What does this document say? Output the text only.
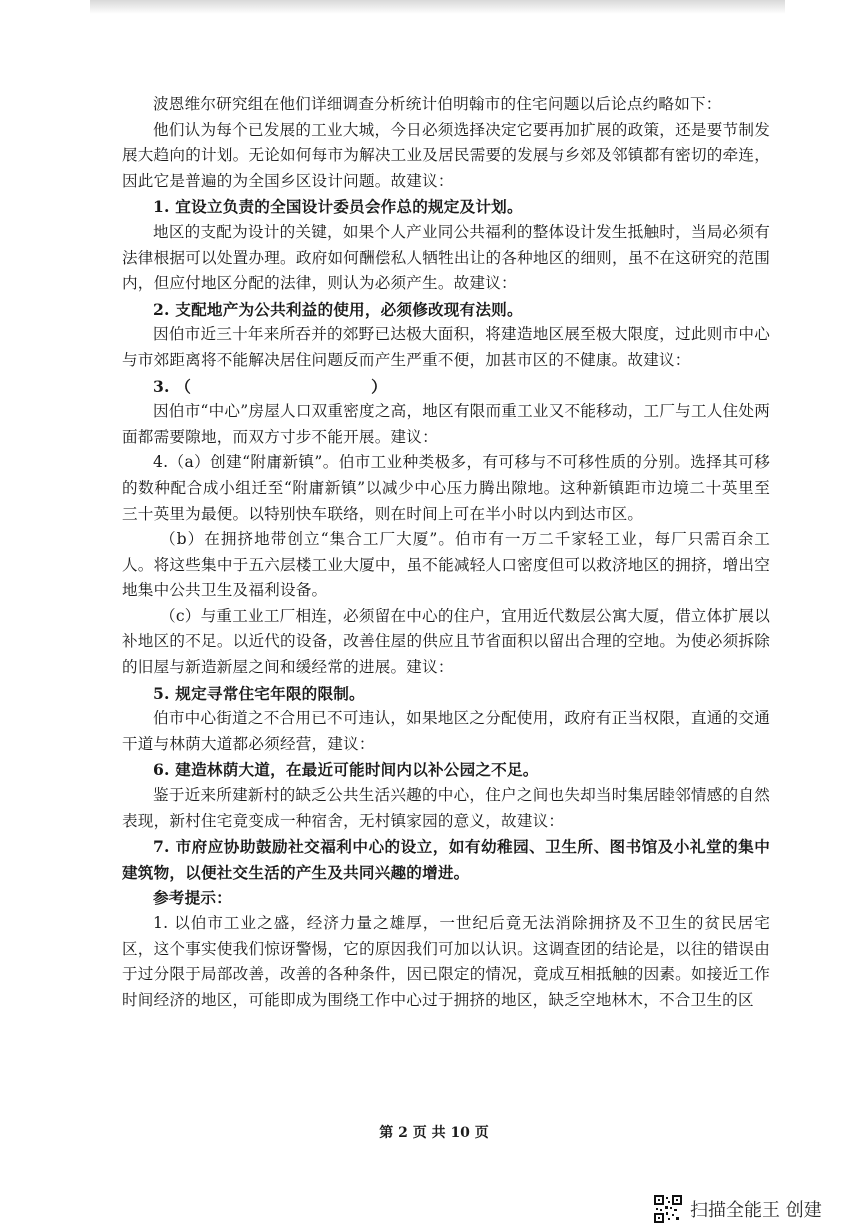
波恩维尔研究组在他们详细调查分析统计伯明翰市的住宅问题以后论点约略如下：

他们认为每个已发展的工业大城，今日必须选择决定它要再加扩展的政策，还是要节制发展大趋向的计划。无论如何每市为解决工业及居民需要的发展与乡郊及邻镇都有密切的牵连，因此它是普遍的为全国乡区设计问题。故建议：

1. 宜设立负责的全国设计委员会作总的规定及计划。

地区的支配为设计的关键，如果个人产业同公共福利的整体设计发生抵触时，当局必须有法律根据可以处置办理。政府如何酬偿私人牺牲出让的各种地区的细则，虽不在这研究的范围内，但应付地区分配的法律，则认为必须产生。故建议：

2. 支配地产为公共利益的使用，必须修改现有法则。

因伯市近三十年来所吞并的郊野已达极大面积，将建造地区展至极大限度，过此则市中心与市郊距离将不能解决居住问题反而产生严重不便，加甚市区的不健康。故建议：

3. （	）

因伯市“中心”房屋人口双重密度之高，地区有限而重工业又不能移动，工厂与工人住处两面都需要隙地，而双方寸步不能开展。建议：

4.（a）创建“附庸新镇”。伯市工业种类极多，有可移与不可移性质的分别。选择其可移的数种配合成小组迁至“附庸新镇”以减少中心压力腾出隙地。这种新镇距市边境二十英里至三十英里为最便。以特别快车联络，则在时间上可在半小时以内到达市区。

（b）在拥挤地带创立“集合工厂大厦”。伯市有一万二千家轻工业，每厂只需百余工人。将这些集中于五六层楼工业大厦中，虽不能减轻人口密度但可以救济地区的拥挤，增出空地集中公共卫生及福利设备。

（c）与重工业工厂相连，必须留在中心的住户，宜用近代数层公寓大厦，借立体扩展以补地区的不足。以近代的设备，改善住屋的供应且节省面积以留出合理的空地。为使必须拆除的旧屋与新造新屋之间和缓经常的进展。建议：

5. 规定寻常住宅年限的限制。

伯市中心街道之不合用已不可违认，如果地区之分配使用，政府有正当权限，直通的交通干道与林荫大道都必须经营，建议：

6. 建造林荫大道，在最近可能时间内以补公园之不足。

鉴于近来所建新村的缺乏公共生活兴趣的中心，住户之间也失却当时集居睦邻情感的自然表现，新村住宅竟变成一种宿舍，无村镇家园的意义，故建议：

7. 市府应协助鼓励社交福利中心的设立，如有幼稚园、卫生所、图书馆及小礼堂的集中建筑物，以便社交生活的产生及共同兴趣的增进。

参考提示：

1. 以伯市工业之盛，经济力量之雄厚，一世纪后竟无法消除拥挤及不卫生的贫民居宅区，这个事实使我们惊讶警惕，它的原因我们可加以认识。这调查团的结论是，以往的错误由于过分限于局部改善，改善的各种条件，因已限定的情况，竟成互相抵触的因素。如接近工作时间经济的地区，可能即成为围绕工作中心过于拥挤的地区，缺乏空地林木，不合卫生的区

第 2 页 共 10 页
扫描全能王 创建
